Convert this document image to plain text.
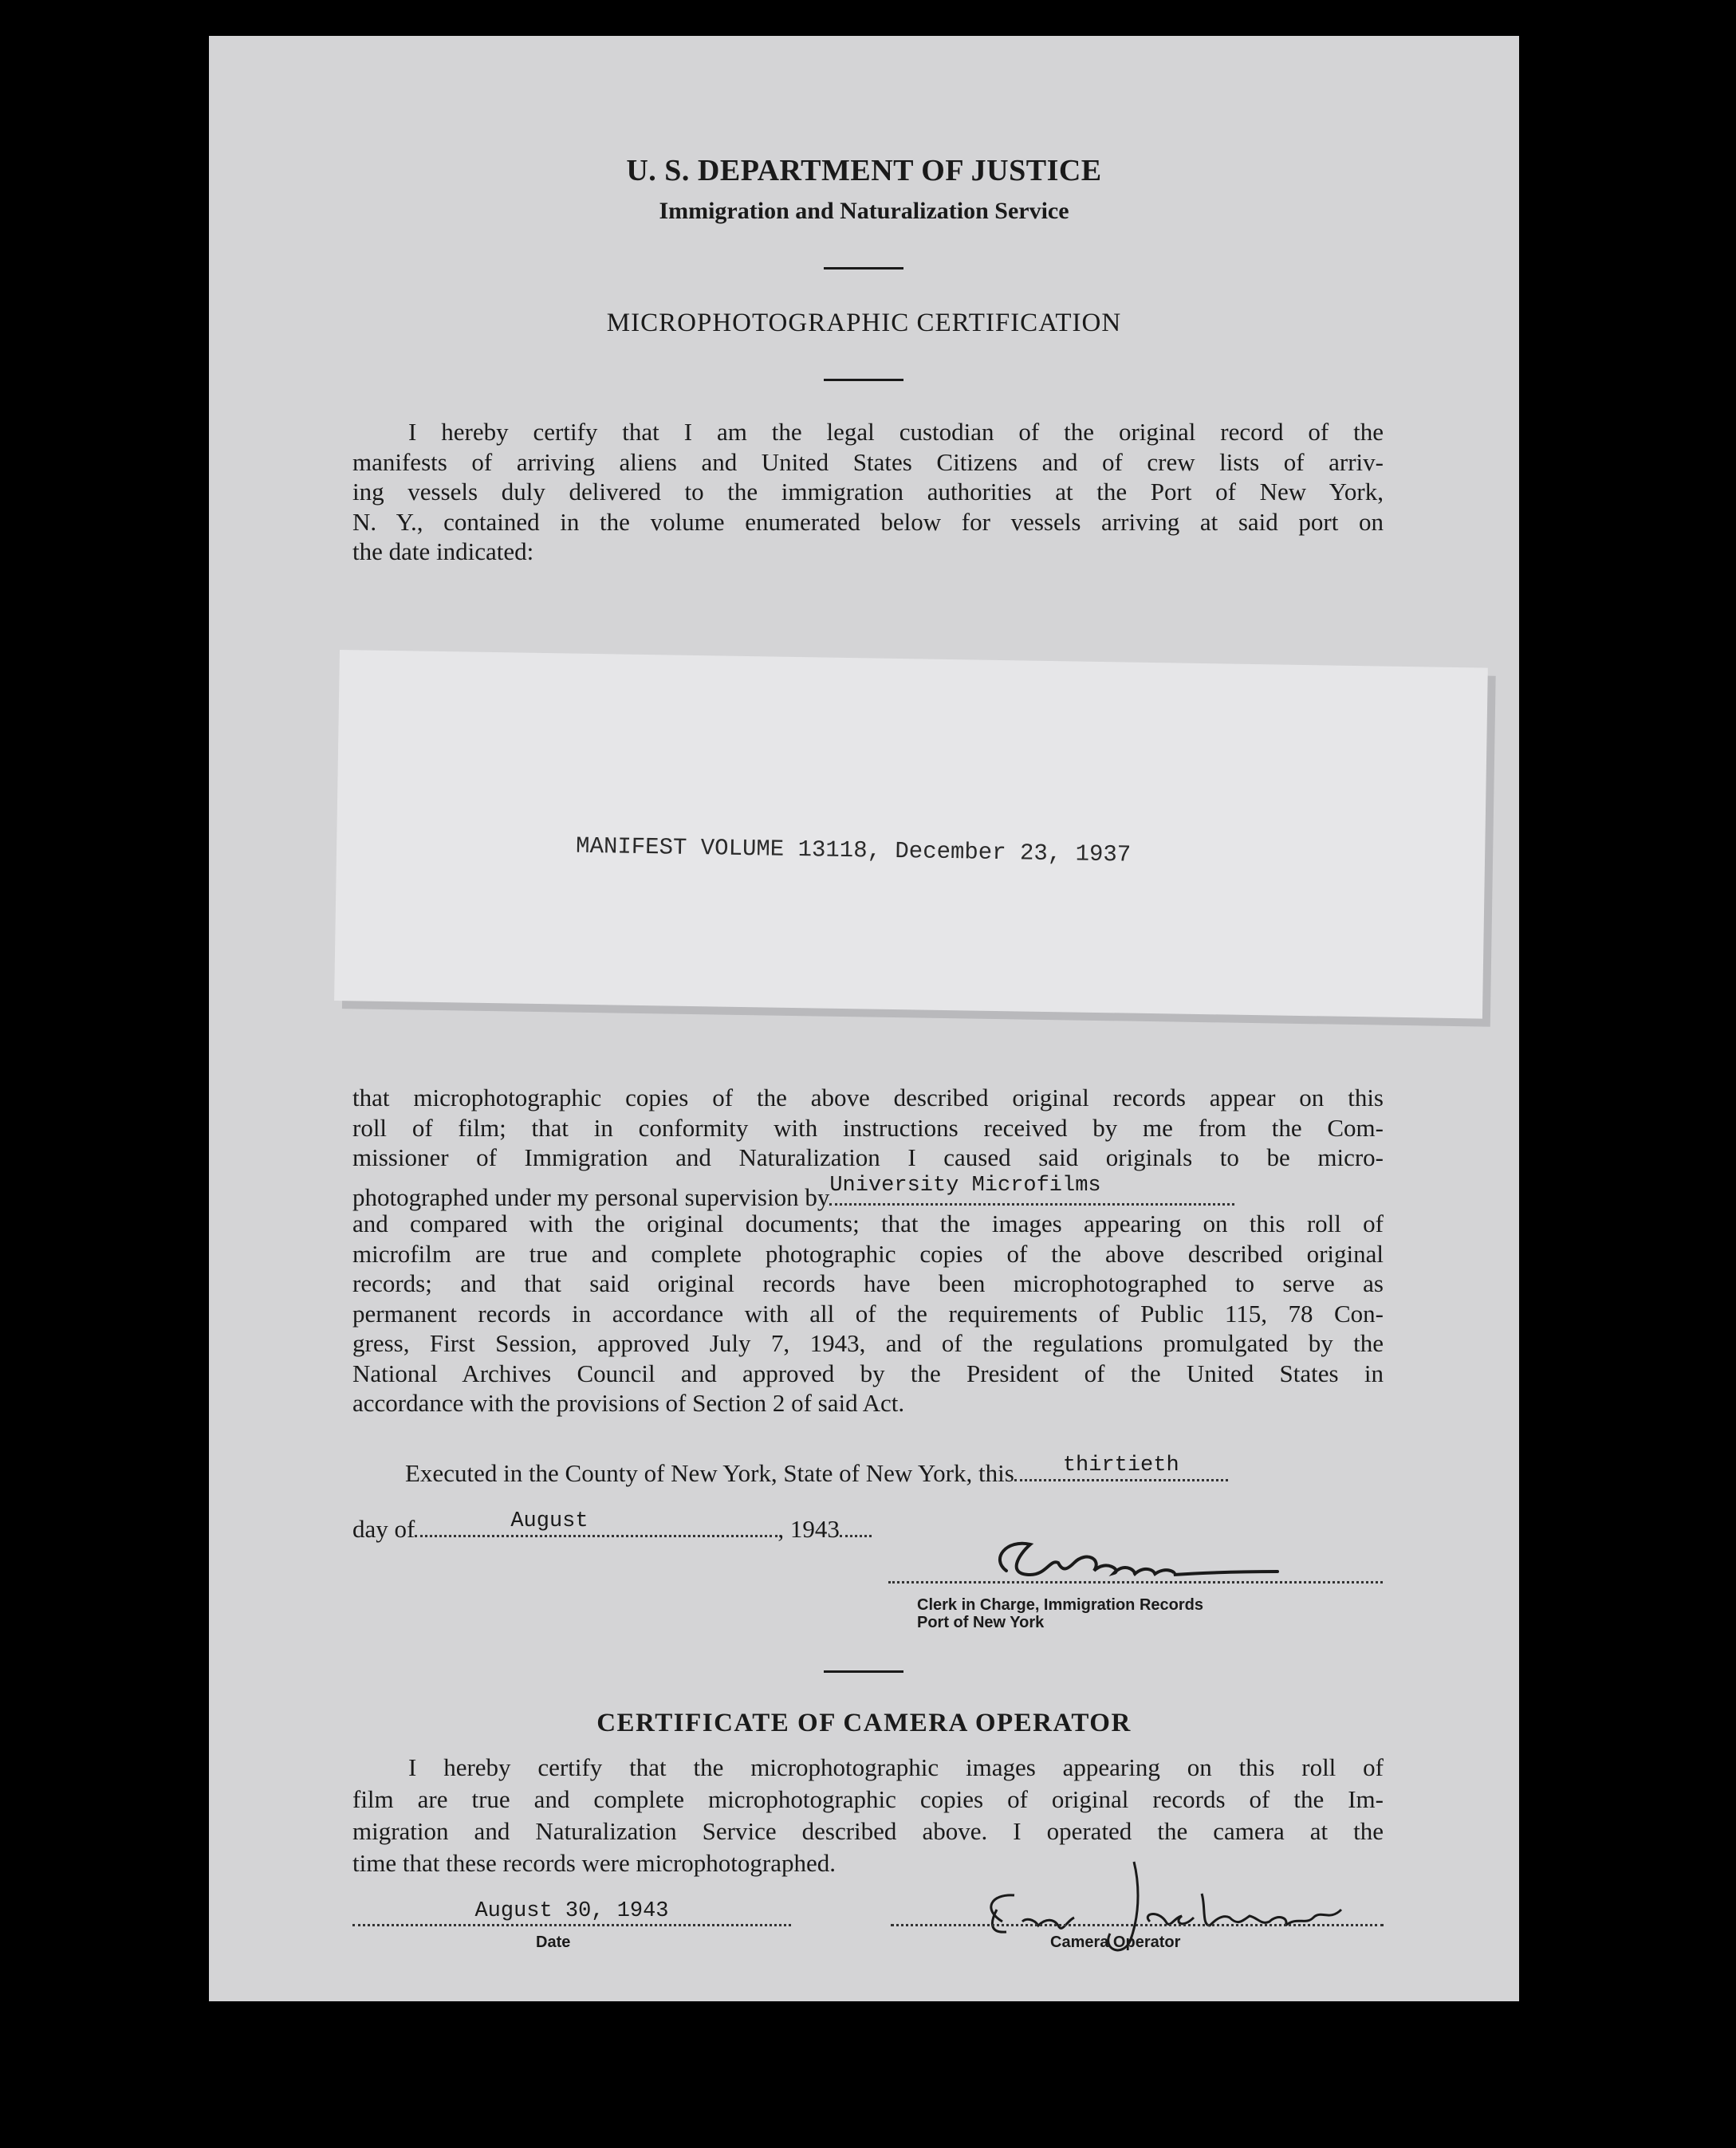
U. S. DEPARTMENT OF JUSTICE
Immigration and Naturalization Service
MICROPHOTOGRAPHIC CERTIFICATION
I hereby certify that I am the legal custodian of the original record of the
manifests of arriving aliens and United States Citizens and of crew lists of arriv-
ing vessels duly delivered to the immigration authorities at the Port of New York,
N. Y., contained in the volume enumerated below for vessels arriving at said port on
the date indicated:
MANIFEST VOLUME 13118, December 23, 1937
that microphotographic copies of the above described original records appear on this
roll of film; that in conformity with instructions received by me from the Com-
missioner of Immigration and Naturalization I caused said originals to be micro-
photographed under my personal supervision by University Microfilms
and compared with the original documents; that the images appearing on this roll of
microfilm are true and complete photographic copies of the above described original
records; and that said original records have been microphotographed to serve as
permanent records in accordance with all of the requirements of Public 115, 78 Con-
gress, First Session, approved July 7, 1943, and of the regulations promulgated by the
National Archives Council and approved by the President of the United States in
accordance with the provisions of Section 2 of said Act.
Executed in the County of New York, State of New York, this	thirtieth
day of	August	, 1943
Clerk in Charge, Immigration Records
Port of New York
CERTIFICATE OF CAMERA OPERATOR
I hereby certify that the microphotographic images appearing on this roll of
film are true and complete microphotographic copies of original records of the Im-
migration and Naturalization Service described above. I operated the camera at the
time that these records were microphotographed.
August 30, 1943
Date	Camera Operator
